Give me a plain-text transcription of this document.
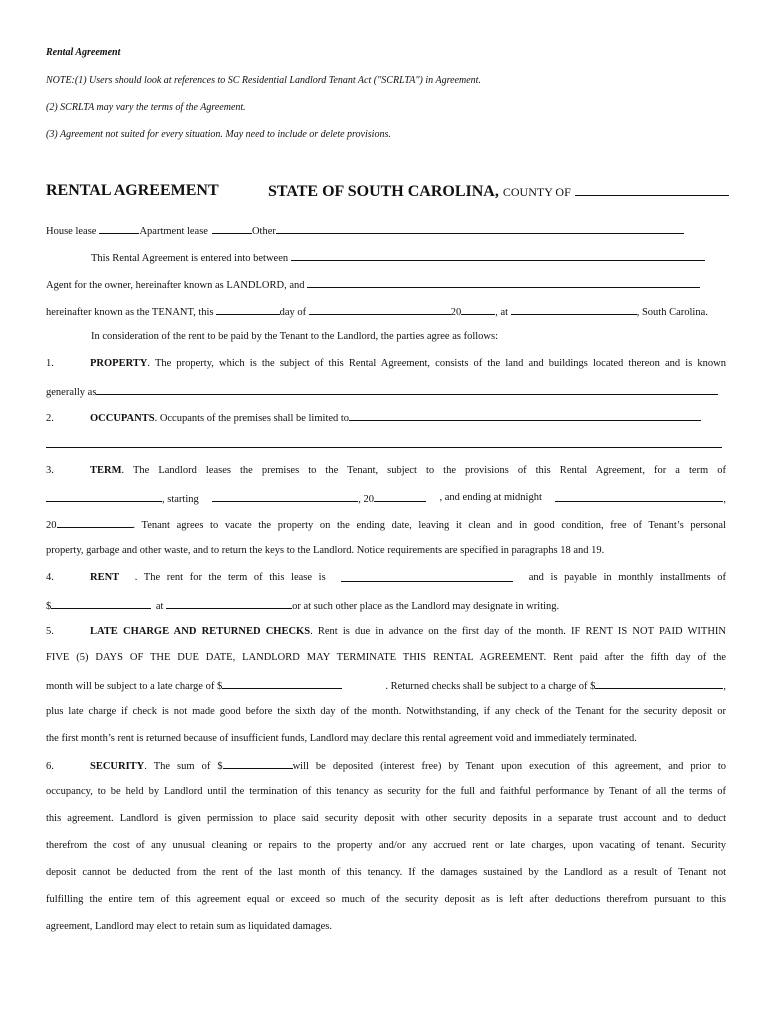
Rental Agreement
NOTE:(1) Users should look at references to SC Residential Landlord Tenant Act ("SCRLTA") in Agreement.
(2) SCRLTA may vary the terms of the Agreement.
(3) Agreement not suited for every situation. May need to include or delete provisions.
RENTAL AGREEMENT	STATE OF SOUTH CAROLINA, COUNTY OF
House lease	Apartment lease	Other
This Rental Agreement is entered into between
Agent for the owner, hereinafter known as LANDLORD, and
hereinafter known as the TENANT, this	day of	20	, at	, South Carolina.
In consideration of the rent to be paid by the Tenant to the Landlord, the parties agree as follows:
1.	PROPERTY. The property, which is the subject of this Rental Agreement, consists of the land and buildings located thereon and is known
generally as
2.	OCCUPANTS. Occupants of the premises shall be limited to
3.	TERM. The Landlord leases the premises to the Tenant, subject to the provisions of this Rental Agreement, for a term of
, starting	, 20	, and ending at midnight	,
20	. Tenant agrees to vacate the property on the ending date, leaving it clean and in good condition, free of Tenant’s personal
property, garbage and other waste, and to return the keys to the Landlord. Notice requirements are specified in paragraphs 18 and 19.
4.	RENT . The rent for the term of this lease is	and is payable in monthly installments of
$	at	or at such other place as the Landlord may designate in writing.
5.	LATE CHARGE AND RETURNED CHECKS. Rent is due in advance on the first day of the month. IF RENT IS NOT PAID WITHIN
FIVE (5) DAYS OF THE DUE DATE, LANDLORD MAY TERMINATE THIS RENTAL AGREEMENT. Rent paid after the fifth day of the
month will be subject to a late charge of $	. Returned checks shall be subject to a charge of $	,
plus late charge if check is not made good before the sixth day of the month. Notwithstanding, if any check of the Tenant for the security deposit or
the first month’s rent is returned because of insufficient funds, Landlord may declare this rental agreement void and immediately terminated.
6.	SECURITY. The sum of $	will be deposited (interest free) by Tenant upon execution of this agreement, and prior to
occupancy, to be held by Landlord until the termination of this tenancy as security for the full and faithful performance by Tenant of all the terms of
this agreement. Landlord is given permission to place said security deposit with other security deposits in a separate trust account and to deduct
therefrom the cost of any unusual cleaning or repairs to the property and/or any accrued rent or late charges, upon vacating of tenant. Security
deposit cannot be deducted from the rent of the last month of this tenancy. If the damages sustained by the Landlord as a result of Tenant not
fulfilling the entire tem of this agreement equal or exceed so much of the security deposit as is left after deductions therefrom pursuant to this
agreement, Landlord may elect to retain sum as liquidated damages.
